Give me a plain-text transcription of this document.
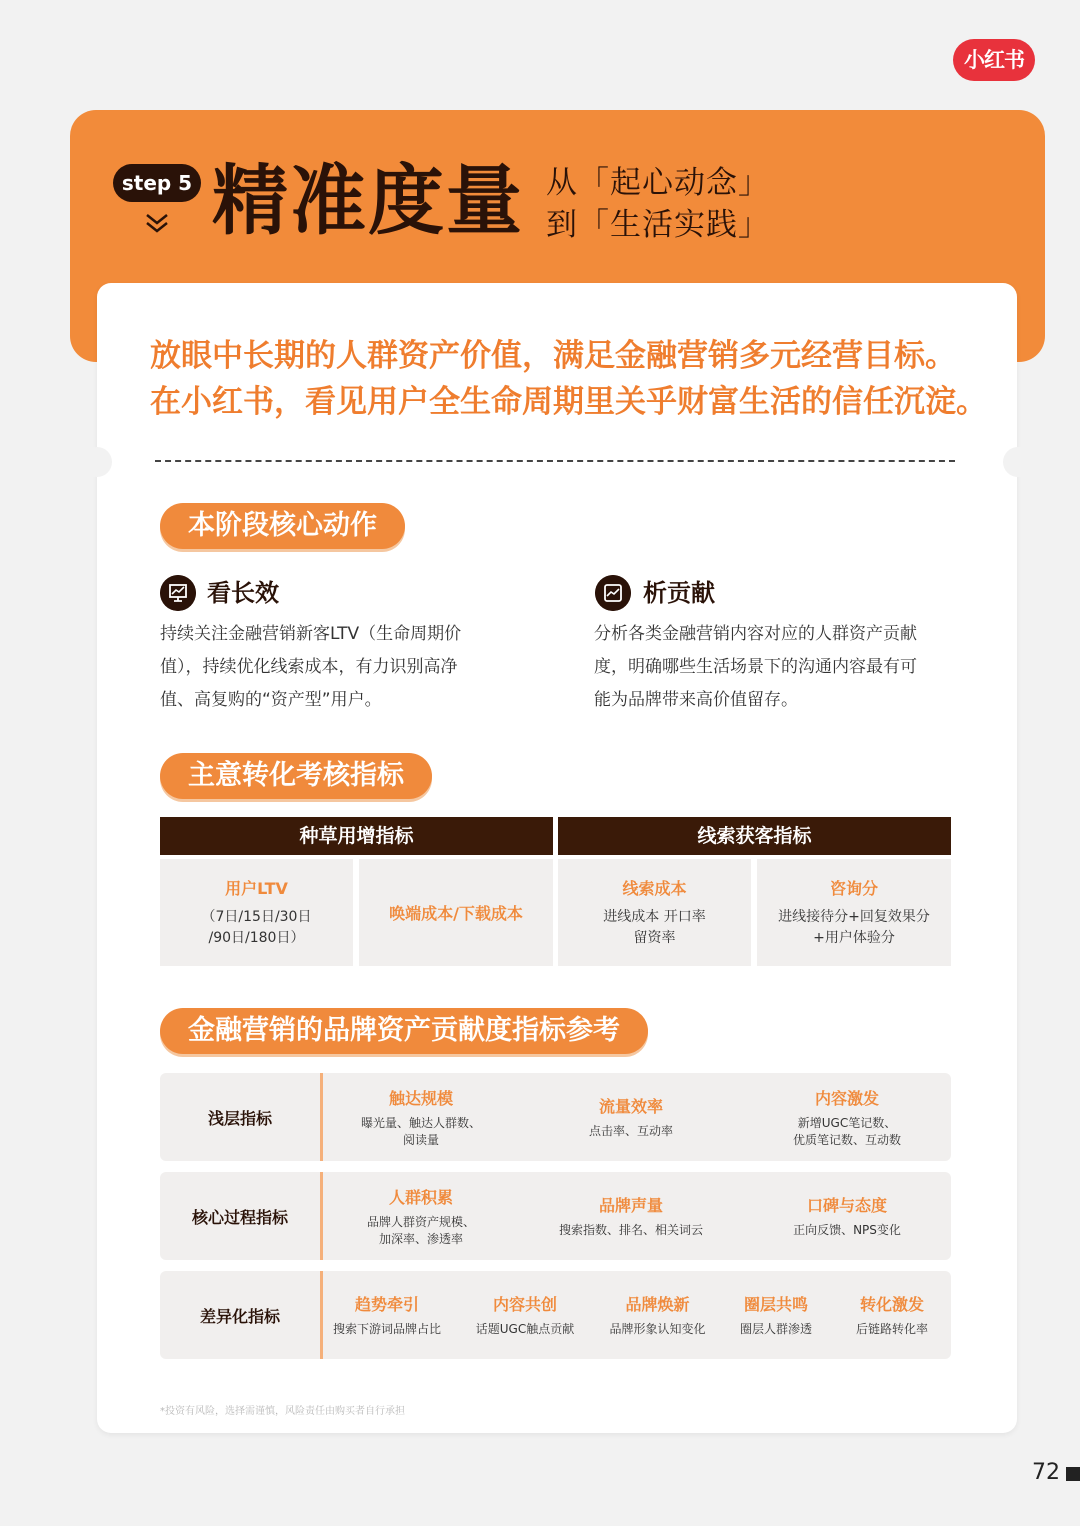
小红书
step 5 精准度量 从「起心动念」
到「生活实践」
放眼中长期的人群资产价值，满足金融营销多元经营目标。
在小红书，看见用户全生命周期里关乎财富生活的信任沉淀。
本阶段核心动作
看长效
持续关注金融营销新客LTV（生命周期价
值），持续优化线索成本，有力识别高净
值、高复购的“资产型”用户。
析贡献
分析各类金融营销内容对应的人群资产贡献
度，明确哪些生活场景下的沟通内容最有可
能为品牌带来高价值留存。
主意转化考核指标
种草用增指标	线索获客指标
用户LTV
（7日/15日/30日
/90日/180日）
唤端成本/下载成本
线索成本
进线成本 开口率
留资率
咨询分
进线接待分+回复效果分
+用户体验分
金融营销的品牌资产贡献度指标参考
浅层指标
触达规模
曝光量、触达人群数、
阅读量
流量效率
点击率、互动率
内容激发
新增UGC笔记数、
优质笔记数、互动数
核心过程指标
人群积累
品牌人群资产规模、
加深率、渗透率
品牌声量
搜索指数、排名、相关词云
口碑与态度
正向反馈、NPS变化
差异化指标
趋势牵引
搜索下游词品牌占比
内容共创
话题UGC触点贡献
品牌焕新
品牌形象认知变化
圈层共鸣
圈层人群渗透
转化激发
后链路转化率
*投资有风险，选择需谨慎，风险责任由购买者自行承担
72
